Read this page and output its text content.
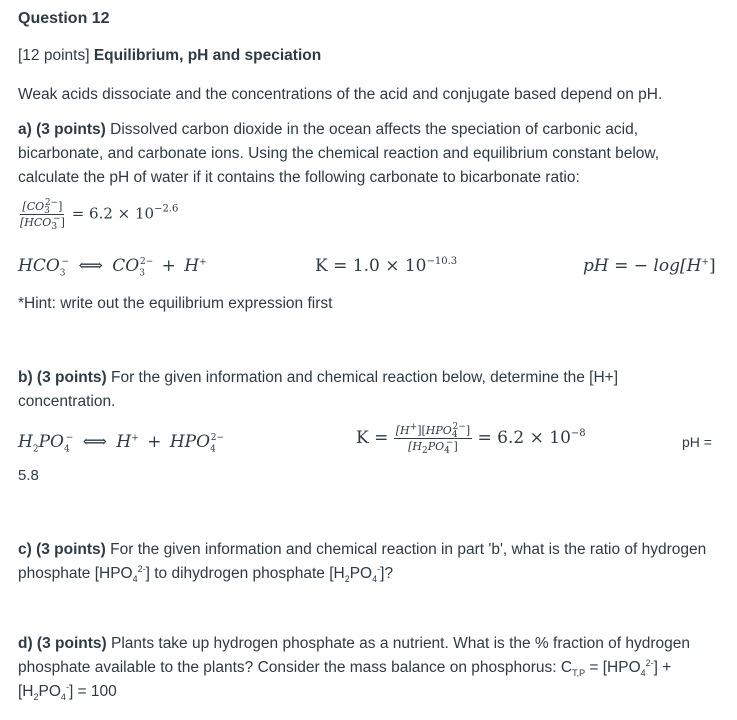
Question 12
[12 points] Equilibrium, pH and speciation
Weak acids dissociate and the concentrations of the acid and conjugate based depend on pH.
a) (3 points) Dissolved carbon dioxide in the ocean affects the speciation of carbonic acid, bicarbonate, and carbonate ions. Using the chemical reaction and equilibrium constant below, calculate the pH of water if it contains the following carbonate to bicarbonate ratio:
$\frac{[CO_3^{2-}]}{[HCO_3^-]} = 6.2 \times 10^{-2.6}$
$HCO_3^-$ ⟺ $CO_3^{2-} + H^+$	$K = 1.0 \times 10^{-10.3}$	pH = − log[H+]
*Hint: write out the equilibrium expression first
b) (3 points) For the given information and chemical reaction below, determine the [H+] concentration.
$H_2PO_4^-$ ⟺ $H^+ + HPO_4^{2-}$	$K = \frac{[H^+][HPO_4^{2-}]}{[H_2PO_4^-]} = 6.2 \times 10^{-8}$
pH =
5.8
c) (3 points) For the given information and chemical reaction in part 'b', what is the ratio of hydrogen phosphate $[HPO_4^{2-}]$ to dihydrogen phosphate $[H_2PO_4^-]$?
d) (3 points) Plants take up hydrogen phosphate as a nutrient. What is the % fraction of hydrogen phosphate available to the plants? Consider the mass balance on phosphorus: $C_{T,P} = [HPO_4^{2-}]$ +
$[H_2PO_4^-] = 100$
